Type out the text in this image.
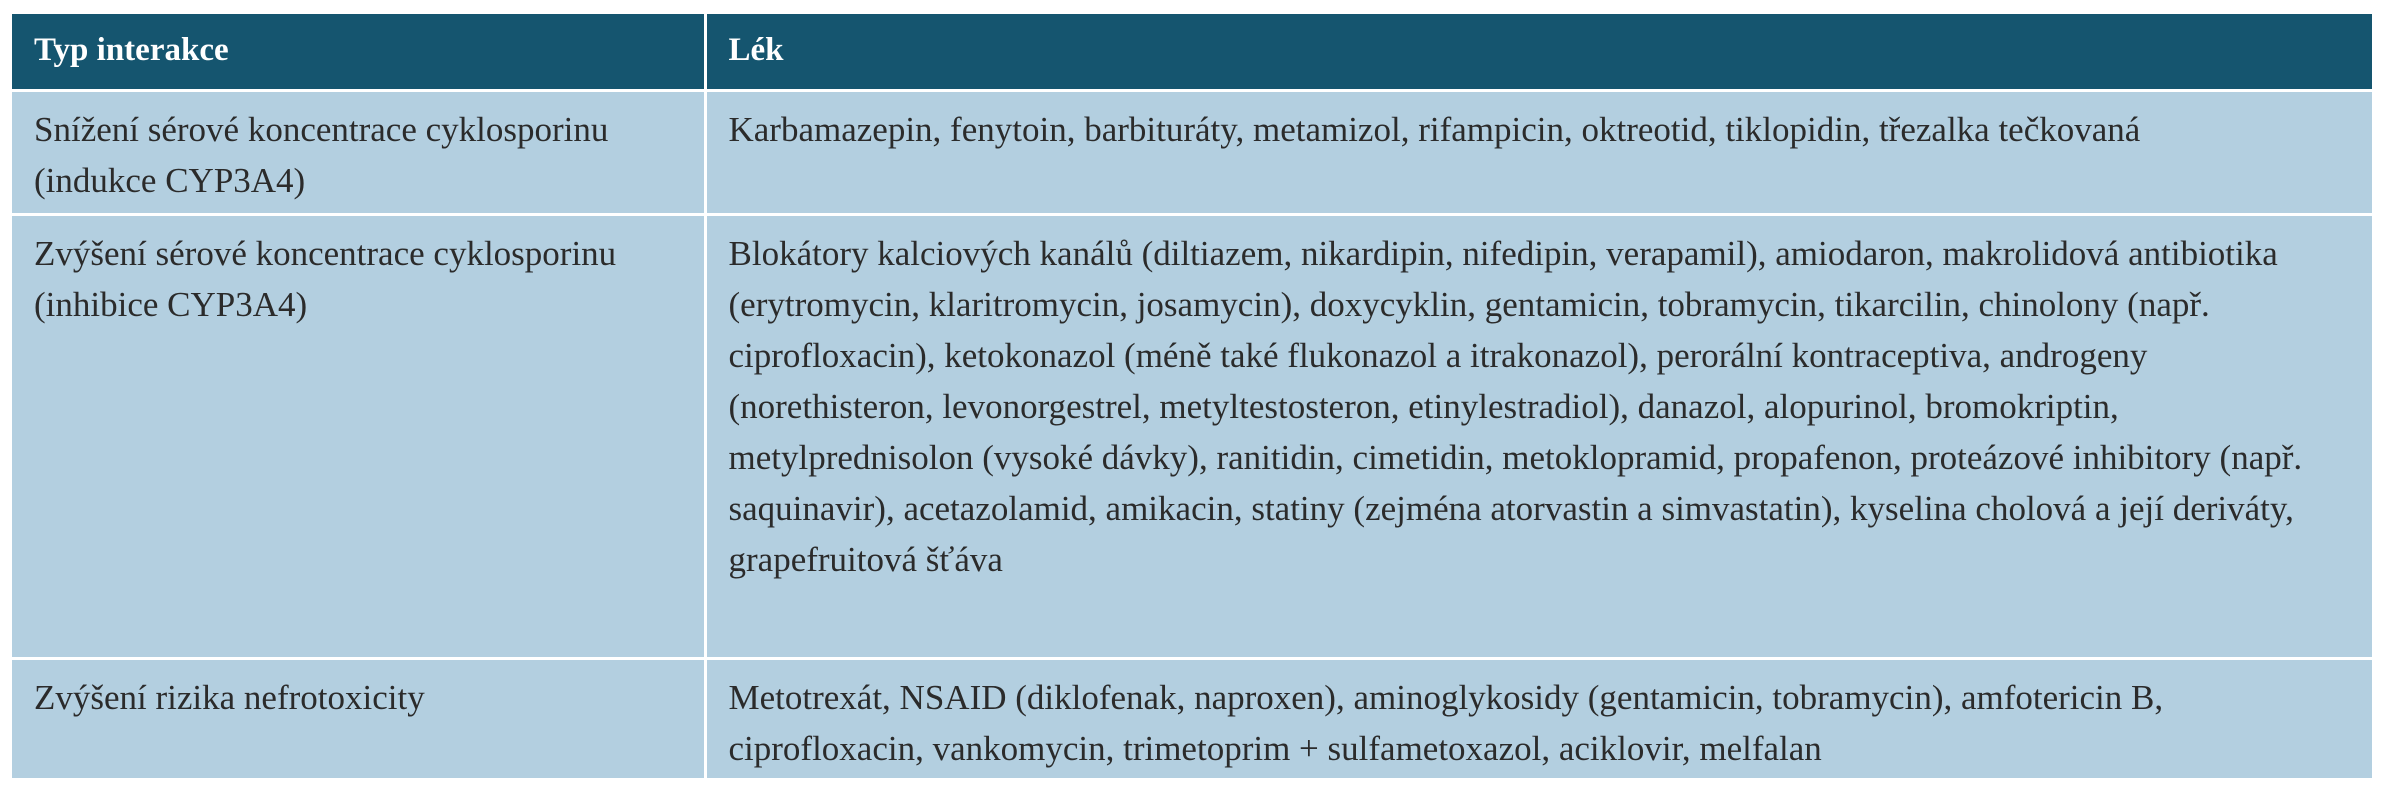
Typ interakce	Lék
Snížení sérové koncentrace cyklosporinu (indukce CYP3A4)	Karbamazepin, fenytoin, barbituráty, metamizol, rifampicin, oktreotid, tiklopidin, třezalka tečkovaná
Zvýšení sérové koncentrace cyklosporinu (inhibice CYP3A4)	Blokátory kalciových kanálů (diltiazem, nikardipin, nifedipin, verapamil), amiodaron, makrolidová antibiotika (erytromycin, klaritromycin, josamycin), doxycyklin, gentamicin, tobramycin, tikarcilin, chinolony (např. ciprofloxacin), ketokonazol (méně také flukonazol a itrakonazol), perorální kontraceptiva, androgeny (norethisteron, levonorgestrel, metyltestosteron, etinylestradiol), danazol, alopurinol, bromokriptin, metylprednisolon (vysoké dávky), ranitidin, cimetidin, metoklopramid, propafenon, proteázové inhibitory (např. saquinavir), acetazolamid, amikacin, statiny (zejména atorvastin a simvastatin), kyselina cholová a její deriváty, grapefruitová šťáva
Zvýšení rizika nefrotoxicity	Metotrexát, NSAID (diklofenak, naproxen), aminoglykosidy (gentamicin, tobramycin), amfotericin B, ciprofloxacin, vankomycin, trimetoprim + sulfametoxazol, aciklovir, melfalan
